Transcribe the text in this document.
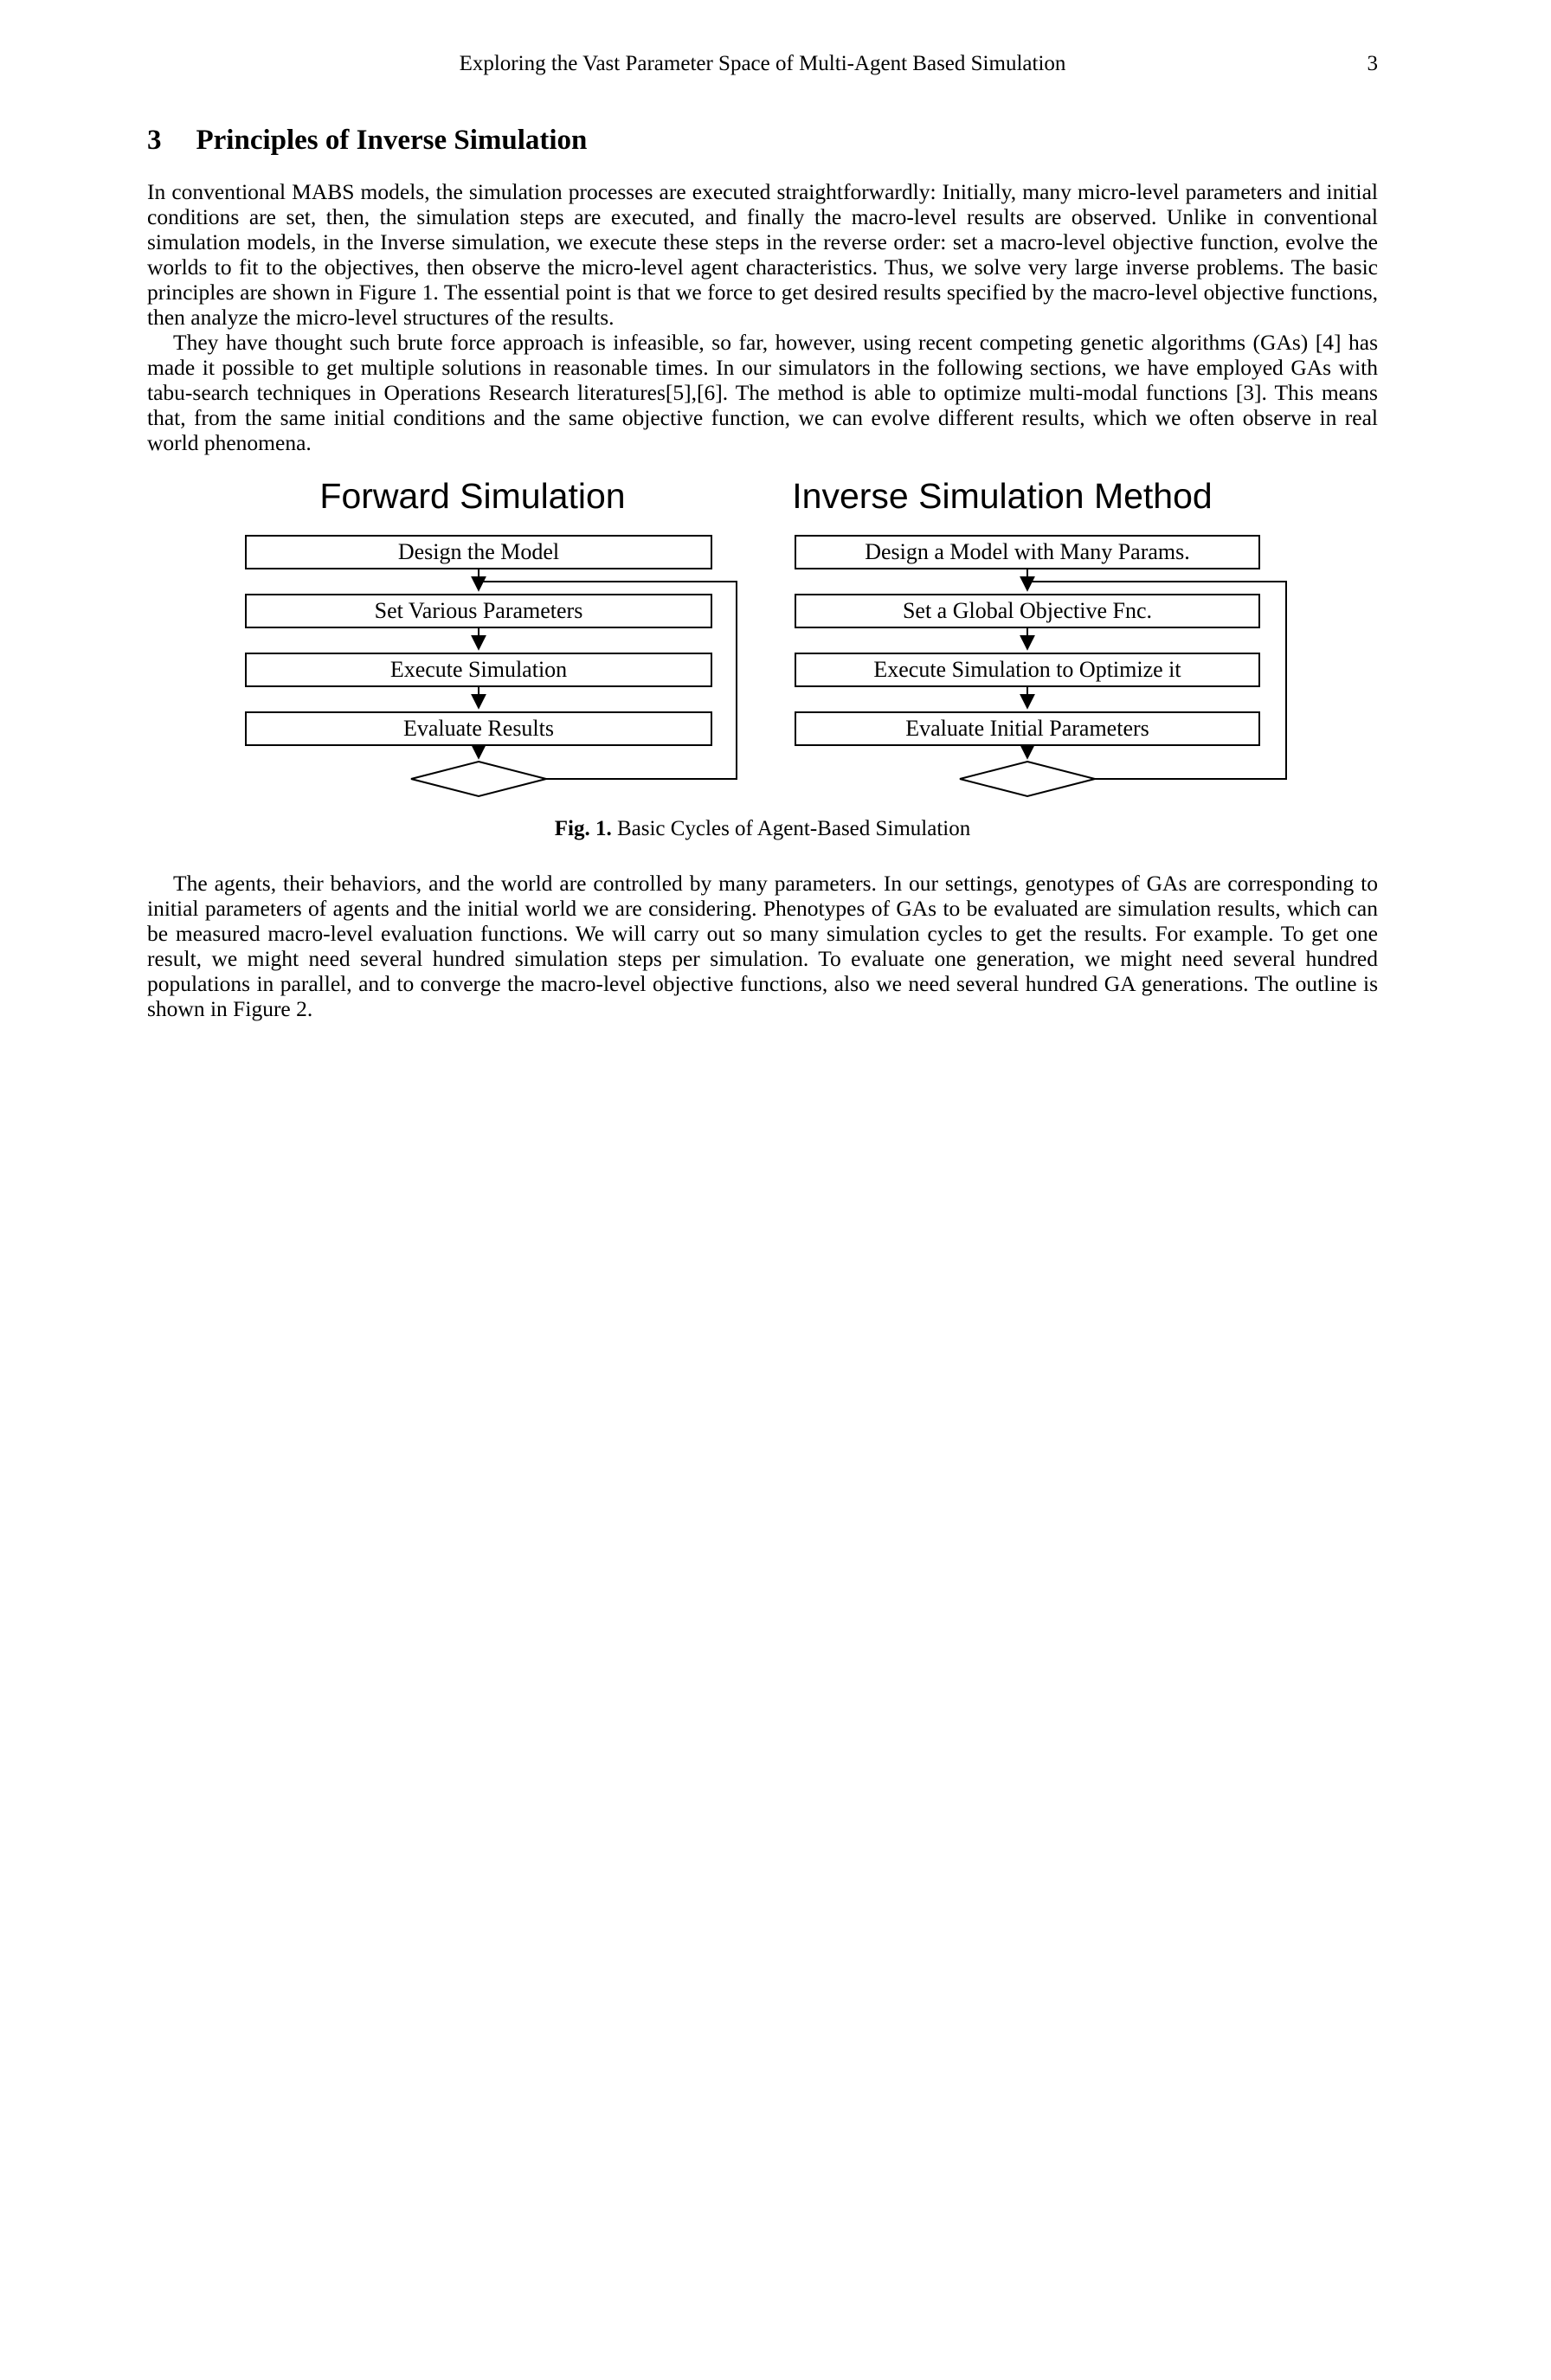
Exploring the Vast Parameter Space of Multi-Agent Based Simulation	3
3 Principles of Inverse Simulation

In conventional MABS models, the simulation processes are executed straightforwardly: Initially, many micro-level parameters and initial conditions are set, then, the simulation steps are executed, and finally the macro-level results are observed. Unlike in conventional simulation models, in the Inverse simulation, we execute these steps in the reverse order: set a macro-level objective function, evolve the worlds to fit to the objectives, then observe the micro-level agent characteristics. Thus, we solve very large inverse problems. The basic principles are shown in Figure 1. The essential point is that we force to get desired results specified by the macro-level objective functions, then analyze the micro-level structures of the results.

They have thought such brute force approach is infeasible, so far, however, using recent competing genetic algorithms (GAs) [4] has made it possible to get multiple solutions in reasonable times. In our simulators in the following sections, we have employed GAs with tabu-search techniques in Operations Research literatures[5],[6]. The method is able to optimize multi-modal functions [3]. This means that, from the same initial conditions and the same objective function, we can evolve different results, which we often observe in real world phenomena.

Forward Simulation	Inverse Simulation Method
Design the Model
Set Various Parameters
Execute Simulation
Evaluate Results
Design a Model with Many Params.
Set a Global Objective Fnc.
Execute Simulation to Optimize it
Evaluate Initial Parameters
Fig. 1. Basic Cycles of Agent-Based Simulation

The agents, their behaviors, and the world are controlled by many parameters. In our settings, genotypes of GAs are corresponding to initial parameters of agents and the initial world we are considering. Phenotypes of GAs to be evaluated are simulation results, which can be measured macro-level evaluation functions. We will carry out so many simulation cycles to get the results. For example. To get one result, we might need several hundred simulation steps per simulation. To evaluate one generation, we might need several hundred populations in parallel, and to converge the macro-level objective functions, also we need several hundred GA generations. The outline is shown in Figure 2.
